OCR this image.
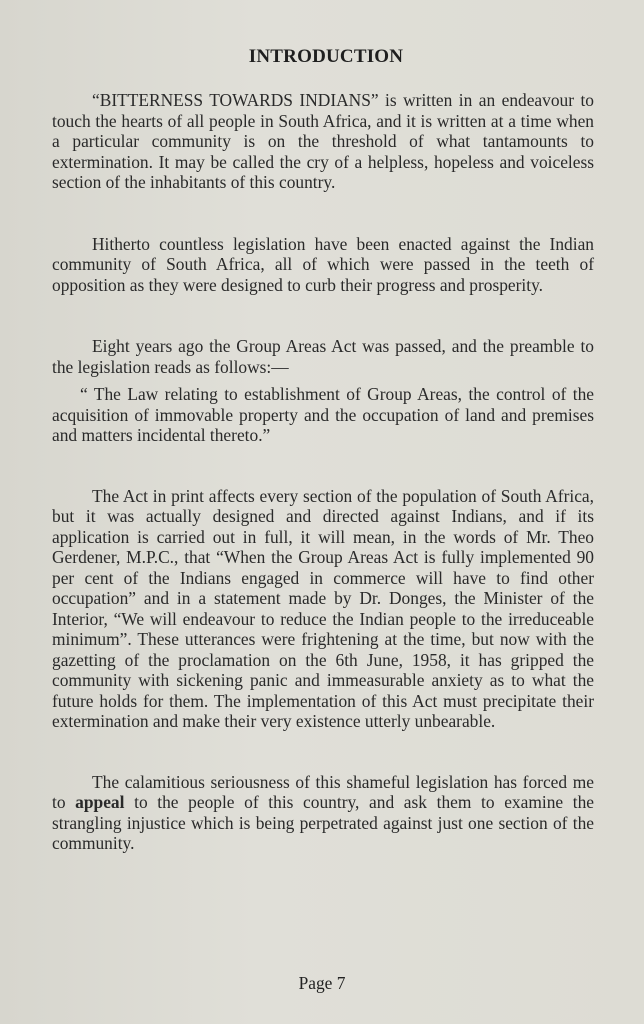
INTRODUCTION

“BITTERNESS TOWARDS INDIANS” is written in an endeavour to touch the hearts of all people in South Africa, and it is written at a time when a particular community is on the threshold of what tantamounts to extermination. It may be called the cry of a helpless, hopeless and voiceless section of the inhabitants of this country.

Hitherto countless legislation have been enacted against the Indian community of South Africa, all of which were passed in the teeth of opposition as they were designed to curb their progress and prosperity.

Eight years ago the Group Areas Act was passed, and the preamble to the legislation reads as follows:—

“ The Law relating to establishment of Group Areas, the control of the acquisition of immovable property and the occupation of land and premises and matters incidental thereto.”

The Act in print affects every section of the population of South Africa, but it was actually designed and directed against Indians, and if its application is carried out in full, it will mean, in the words of Mr. Theo Gerdener, M.P.C., that “When the Group Areas Act is fully implemented 90 per cent of the Indians engaged in commerce will have to find other occupation” and in a statement made by Dr. Donges, the Minister of the Interior, “We will endeavour to reduce the Indian people to the irreduceable minimum”. These utterances were frightening at the time, but now with the gazetting of the proclamation on the 6th June, 1958, it has gripped the community with sickening panic and immeasurable anxiety as to what the future holds for them. The implementation of this Act must precipitate their extermination and make their very existence utterly unbearable.

The calamitious seriousness of this shameful legislation has forced me to appeal to the people of this country, and ask them to examine the strangling injustice which is being perpetrated against just one section of the community.

Page 7
